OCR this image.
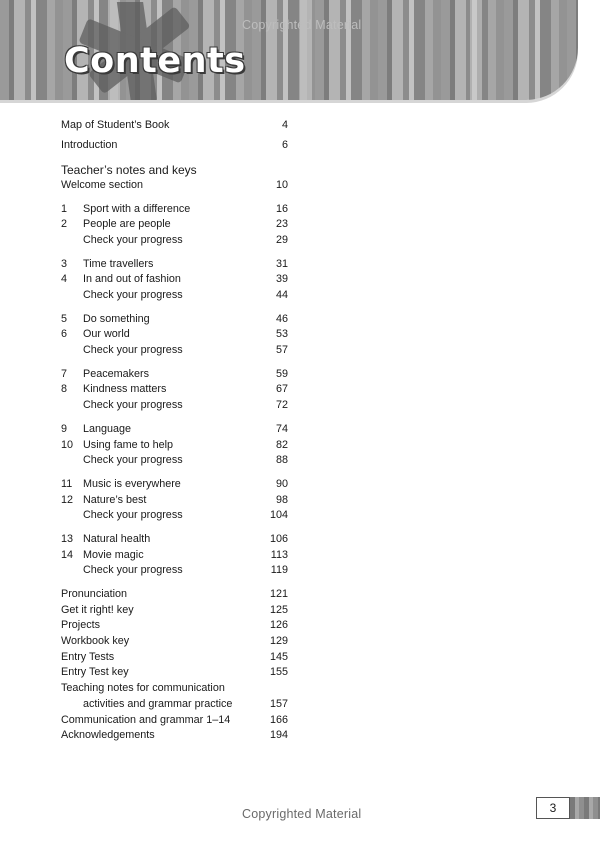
Copyrighted Material
Contents
Map of Student’s Book	4
Introduction	6
Teacher’s notes and keys
Welcome section	10
1	Sport with a difference	16
2	People are people	23
Check your progress	29
3	Time travellers	31
4	In and out of fashion	39
Check your progress	44
5	Do something	46
6	Our world	53
Check your progress	57
7	Peacemakers	59
8	Kindness matters	67
Check your progress	72
9	Language	74
10 Using fame to help	82
Check your progress	88
11 Music is everywhere	90
12 Nature’s best	98
Check your progress	104
13 Natural health	106
14 Movie magic	113
Check your progress	119
Pronunciation	121
Get it right! key	125
Projects	126
Workbook key	129
Entry Tests	145
Entry Test key	155
Teaching notes for communication
activities and grammar practice	157
Communication and grammar 1–14	166
Acknowledgements	194
Copyrighted Material	3
